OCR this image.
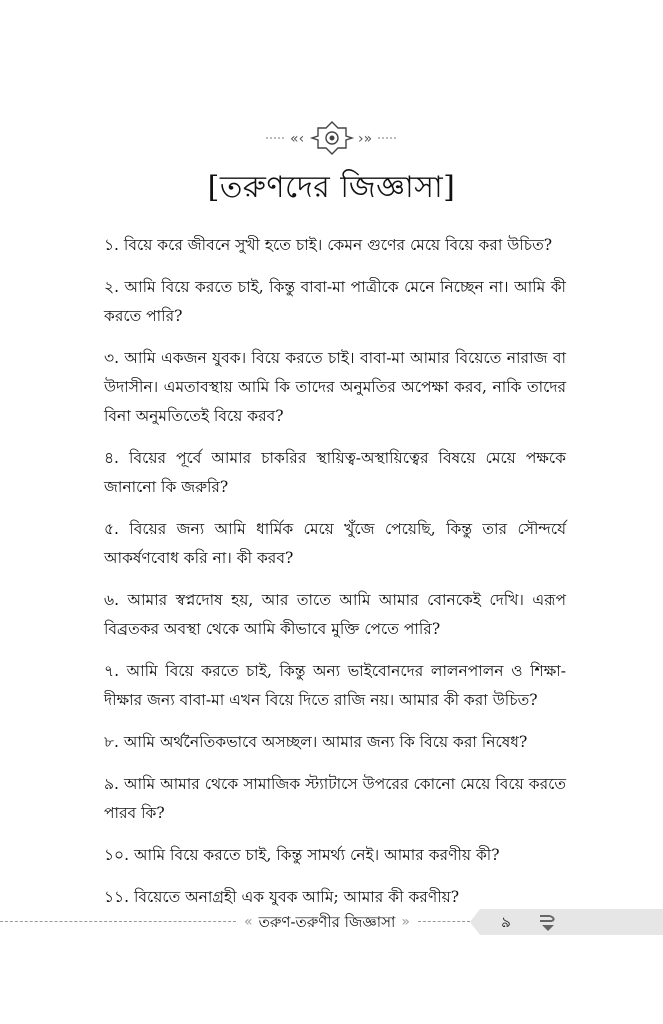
«‹	›»
[তরুণদের জিজ্ঞাসা]
১. বিয়ে করে জীবনে সুখী হতে চাই। কেমন গুণের মেয়ে বিয়ে করা উচিত?
২. আমি বিয়ে করতে চাই, কিন্তু বাবা-মা পাত্রীকে মেনে নিচ্ছেন না। আমি কী করতে পারি?
৩. আমি একজন যুবক। বিয়ে করতে চাই। বাবা-মা আমার বিয়েতে নারাজ বা উদাসীন। এমতাবস্থায় আমি কি তাদের অনুমতির অপেক্ষা করব, নাকি তাদের বিনা অনুমতিতেই বিয়ে করব?
৪. বিয়ের পূর্বে আমার চাকরির স্থায়িত্ব-অস্থায়িত্বের বিষয়ে মেয়ে পক্ষকে জানানো কি জরুরি?
৫. বিয়ের জন্য আমি ধার্মিক মেয়ে খুঁজে পেয়েছি, কিন্তু তার সৌন্দর্যে আকর্ষণবোধ করি না। কী করব?
৬. আমার স্বপ্নদোষ হয়, আর তাতে আমি আমার বোনকেই দেখি। এরূপ বিব্রতকর অবস্থা থেকে আমি কীভাবে মুক্তি পেতে পারি?
৭. আমি বিয়ে করতে চাই, কিন্তু অন্য ভাইবোনদের লালনপালন ও শিক্ষা-দীক্ষার জন্য বাবা-মা এখন বিয়ে দিতে রাজি নয়। আমার কী করা উচিত?
৮. আমি অর্থনৈতিকভাবে অসচ্ছল। আমার জন্য কি বিয়ে করা নিষেধ?
৯. আমি আমার থেকে সামাজিক স্ট্যাটাসে উপরের কোনো মেয়ে বিয়ে করতে পারব কি?
১০. আমি বিয়ে করতে চাই, কিন্তু সামর্থ্য নেই। আমার করণীয় কী?
১১. বিয়েতে অনাগ্রহী এক যুবক আমি; আমার কী করণীয়?
« তরুণ-তরুণীর জিজ্ঞাসা »	৯
